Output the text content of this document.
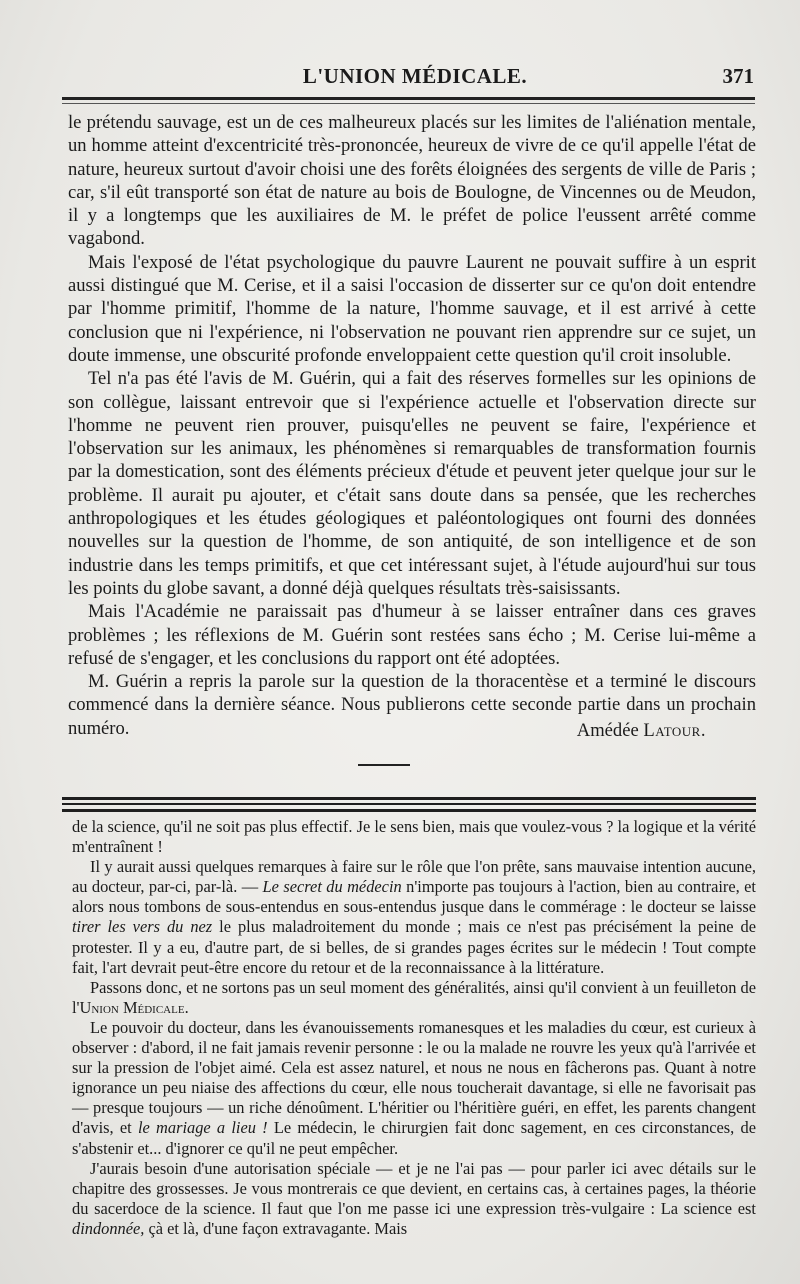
L'UNION MÉDICALE.	371

le prétendu sauvage, est un de ces malheureux placés sur les limites de l'aliénation mentale, un homme atteint d'excentricité très-prononcée, heureux de vivre de ce qu'il appelle l'état de nature, heureux surtout d'avoir choisi une des forêts éloignées des sergents de ville de Paris ; car, s'il eût transporté son état de nature au bois de Boulogne, de Vincennes ou de Meudon, il y a longtemps que les auxiliaires de M. le préfet de police l'eussent arrêté comme vagabond.

Mais l'exposé de l'état psychologique du pauvre Laurent ne pouvait suffire à un esprit aussi distingué que M. Cerise, et il a saisi l'occasion de disserter sur ce qu'on doit entendre par l'homme primitif, l'homme de la nature, l'homme sauvage, et il est arrivé à cette conclusion que ni l'expérience, ni l'observation ne pouvant rien apprendre sur ce sujet, un doute immense, une obscurité profonde enveloppaient cette question qu'il croit insoluble.

Tel n'a pas été l'avis de M. Guérin, qui a fait des réserves formelles sur les opinions de son collègue, laissant entrevoir que si l'expérience actuelle et l'observation directe sur l'homme ne peuvent rien prouver, puisqu'elles ne peuvent se faire, l'expérience et l'observation sur les animaux, les phénomènes si remarquables de transformation fournis par la domestication, sont des éléments précieux d'étude et peuvent jeter quelque jour sur le problème. Il aurait pu ajouter, et c'était sans doute dans sa pensée, que les recherches anthropologiques et les études géologiques et paléontologiques ont fourni des données nouvelles sur la question de l'homme, de son antiquité, de son intelligence et de son industrie dans les temps primitifs, et que cet intéressant sujet, à l'étude aujourd'hui sur tous les points du globe savant, a donné déjà quelques résultats très-saisissants.

Mais l'Académie ne paraissait pas d'humeur à se laisser entraîner dans ces graves problèmes ; les réflexions de M. Guérin sont restées sans écho ; M. Cerise lui-même a refusé de s'engager, et les conclusions du rapport ont été adoptées.

M. Guérin a repris la parole sur la question de la thoracentèse et a terminé le discours commencé dans la dernière séance. Nous publierons cette seconde partie dans un prochain numéro.	Amédée Latour.

de la science, qu'il ne soit pas plus effectif. Je le sens bien, mais que voulez-vous ? la logique et la vérité m'entraînent !

Il y aurait aussi quelques remarques à faire sur le rôle que l'on prête, sans mauvaise intention aucune, au docteur, par-ci, par-là. — Le secret du médecin n'importe pas toujours à l'action, bien au contraire, et alors nous tombons de sous-entendus en sous-entendus jusque dans le commérage : le docteur se laisse tirer les vers du nez le plus maladroitement du monde ; mais ce n'est pas précisément la peine de protester. Il y a eu, d'autre part, de si belles, de si grandes pages écrites sur le médecin ! Tout compte fait, l'art devrait peut-être encore du retour et de la reconnaissance à la littérature.

Passons donc, et ne sortons pas un seul moment des généralités, ainsi qu'il convient à un feuilleton de l'Union Médicale.

Le pouvoir du docteur, dans les évanouissements romanesques et les maladies du cœur, est curieux à observer : d'abord, il ne fait jamais revenir personne : le ou la malade ne rouvre les yeux qu'à l'arrivée et sur la pression de l'objet aimé. Cela est assez naturel, et nous ne nous en fâcherons pas. Quant à notre ignorance un peu niaise des affections du cœur, elle nous toucherait davantage, si elle ne favorisait pas — presque toujours — un riche dénoûment. L'héritier ou l'héritière guéri, en effet, les parents changent d'avis, et le mariage a lieu ! Le médecin, le chirurgien fait donc sagement, en ces circonstances, de s'abstenir et... d'ignorer ce qu'il ne peut empêcher.

J'aurais besoin d'une autorisation spéciale — et je ne l'ai pas — pour parler ici avec détails sur le chapitre des grossesses. Je vous montrerais ce que devient, en certains cas, à certaines pages, la théorie du sacerdoce de la science. Il faut que l'on me passe ici une expression très-vulgaire : La science est dindonnée, çà et là, d'une façon extravagante. Mais
